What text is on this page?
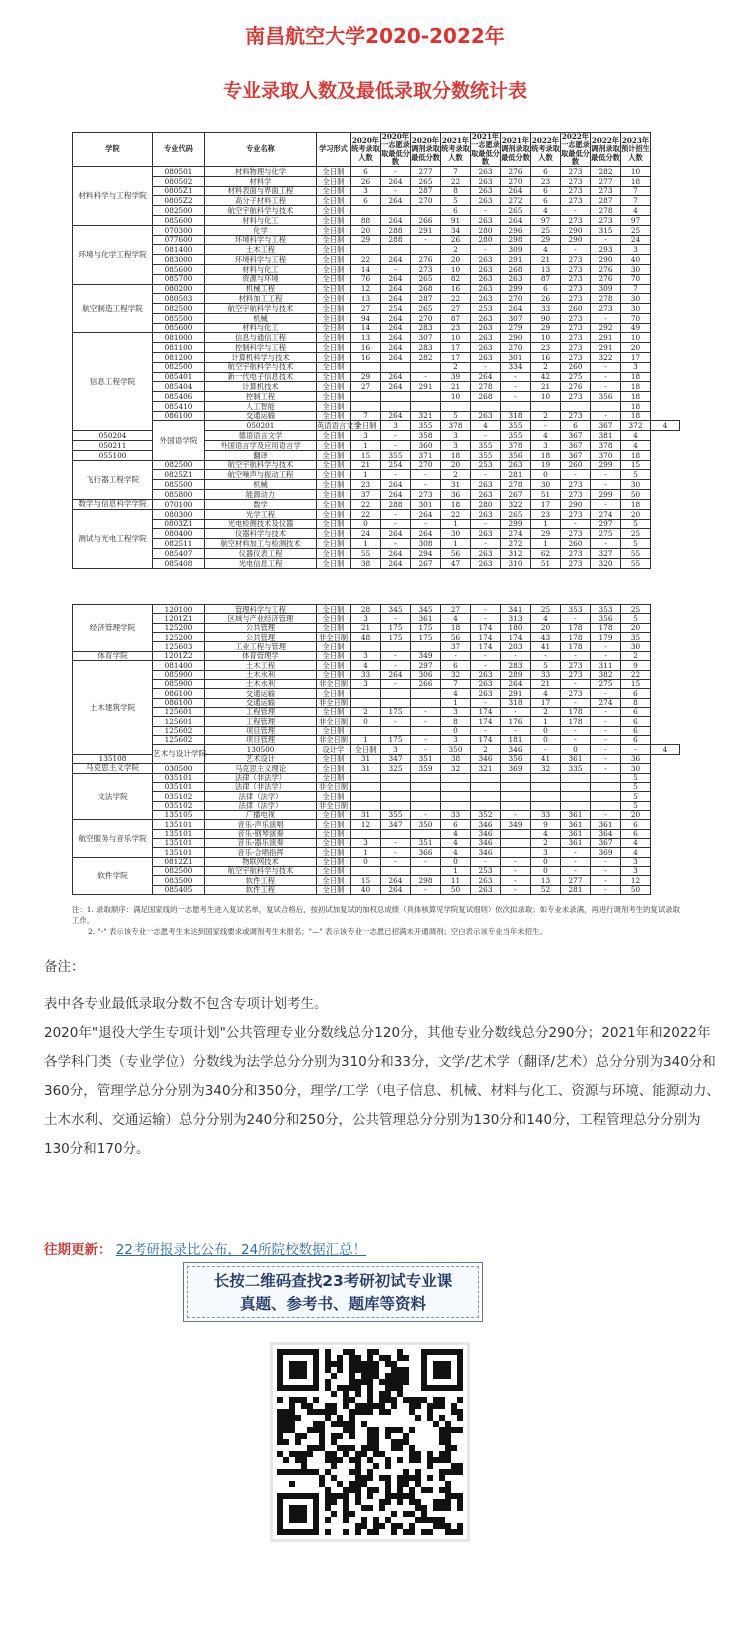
南昌航空大学2020-2022年
专业录取人数及最低录取分数统计表
学院	专业代码	专业名称	学习形式	2020年统考录取人数	2020年一志愿录取最低分数	2020年调剂录取最低分数	2021年统考录取人数	2021年一志愿录取最低分数	2021年调剂录取最低分数	2022年统考录取人数	2022年一志愿录取最低分数	2022年调剂录取最低分数	2023年预计招生人数	
材料科学与工程学院	080501	材料物理与化学	全日制	6	-	277	7	263	276	6	273	282	10	
	080502	材料学	全日制	26	264	265	22	263	270	23	273	277	18	
	0805Z1	材料表面与界面工程	全日制	3	-	287	8	263	264	6	273	273	7	
	0805Z2	高分子材料工程	全日制	6	264	270	5	263	272	6	273	287	7	
	082500	航空宇航科学与技术	全日制				6	-	265	4	-	278	4	
	085600	材料与化工	全日制	88	264	266	91	263	264	97	273	273	97	
环境与化学工程学院	070300	化学	全日制	20	288	291	34	280	296	25	290	315	25	
	077600	环境科学与工程	全日制	29	288	-	26	280	298	29	290	-	24	
	081400	土木工程	全日制				2	-	309	4	-	293	3	
	083000	环境科学与工程	全日制	22	264	276	20	263	291	21	273	290	40	
	085600	材料与化工	全日制	14	-	273	10	263	268	13	273	276	30	
	085700	资源与环境	全日制	76	264	265	82	263	263	87	273	276	70	
航空制造工程学院	080200	机械工程	全日制	12	264	268	16	263	299	6	273	309	7	
	080503	材料加工工程	全日制	13	264	287	22	263	270	26	273	278	30	
	082500	航空宇航科学与技术	全日制	27	254	265	27	253	264	33	260	273	30	
	085500	机械	全日制	94	264	270	87	263	307	90	273	-	70	
	085600	材料与化工	全日制	14	264	283	23	263	279	29	273	292	49	
信息工程学院	081000	信息与通信工程	全日制	13	264	307	10	263	290	10	273	291	10	
	081100	控制科学与工程	全日制	16	264	283	17	263	270	23	273	291	20	
	081200	计算机科学与技术	全日制	16	264	282	17	263	301	16	273	322	17	
	082500	航空宇航科学与技术	全日制				2	-	334	2	260	-	3	
	085401	新一代电子信息技术	全日制	29	264	-	39	264	-	42	275	-	18	
	085404	计算机技术	全日制	27	264	291	21	278	-	21	276	-	18	
	085406	控制工程	全日制				10	268	-	10	273	356	18	
	085410	人工智能	全日制										18	
	086100	交通运输	全日制	7	264	321	5	263	318	2	273	-	18	
	外国语学院	050201	英语语言文学	全日制	3	355	378	4	355	-	6	367	372	4
050204		德语语言文学	全日制	3	-	358	3	-	355	4	367	381	4	
050211		外国语言学及应用语言学	全日制	1	-	360	3	355	378	3	367	378	4	
055100		翻译	全日制	15	355	371	18	355	356	18	367	370	18	
飞行器工程学院	082500	航空宇航科学与技术	全日制	21	254	270	20	253	263	19	260	299	15	
	0825Z1	航空噪声与振动工程	全日制	1	-	-	2	-	281	0	-	-	5	
	085500	机械	全日制	23	264	-	31	263	278	30	273	-	30	
	085800	能源动力	全日制	37	264	273	36	263	267	51	273	299	50	
数学与信息科学学院	070100	数学	全日制	22	288	301	18	280	322	17	290	-	18	
测试与光电工程学院	080300	光学工程	全日制	22	-	264	22	263	265	23	273	274	20	
	0803Z1	光电检测技术及仪器	全日制	0	-	-	1	-	299	1	-	297	5	
	080400	仪器科学与技术	全日制	24	264	264	30	263	274	29	273	275	25	
	082511	航空材料加工与检测技术	全日制	1	-	308	1	-	272	1	260	-	5	
	085407	仪器仪表工程	全日制	55	264	294	56	263	312	62	273	327	55	
	085408	光电信息工程	全日制	38	264	267	47	263	310	51	273	320	55	
经济管理学院	120100	管理科学与工程	全日制	28	345	345	27	-	341	25	353	353	25	
	1201Z1	区域与产业经济管理	全日制	3	-	361	4	-	313	4	-	356	5	
	125200	公共管理	全日制	21	175	175	18	174	180	20	178	178	20	
	125200	公共管理	非全日制	48	175	175	56	174	174	43	178	179	35	
	125603	工业工程与管理	全日制				37	174	203	41	178	-	30	
体育学院	1201Z2	体育管理学	全日制	3	-	349	-	-	-	-	-	-	2	
土木建筑学院	081400	土木工程	全日制	4	-	297	6	-	283	5	273	311	9	
	085900	土木水利	全日制	33	264	306	32	263	289	33	273	382	22	
	085900	土木水利	非全日制	3	-	266	7	263	264	21	-	275	15	
	086100	交通运输	全日制				4	263	291	4	273	-	6	
	086100	交通运输	非全日制				1	-	318	17	-	274	8	
	125601	工程管理	全日制	2	175	-	3	174	-	2	178	-	6	
	125601	工程管理	非全日制	0	-	-	8	174	176	1	178	-	6	
	125602	项目管理	全日制				0	-	-	0	-	-	6	
	125602	项目管理	非全日制	1	175	-	3	174	181	0	-	-	6	
	艺术与设计学院	130500	设计学	全日制	3	-	350	2	346	-	0	-	-	4
135108		艺术设计	全日制	31	347	351	38	346	356	41	361	-	36	
马克思主义学院	030500	马克思主义理论	全日制	31	325	359	32	321	369	32	335	-	30	
文法学院	035101	法律（非法学）	全日制										5	
	035101	法律（非法学）	非全日制										5	
	035102	法律（法学）	全日制										5	
	035102	法律（法学）	非全日制										5	
	135105	广播电视	全日制	31	355	-	33	352	-	33	361	-	20	
航空服务与音乐学院	135101	音乐-声乐演唱	全日制	12	347	350	6	346	349	9	361	361	6	
	135101	音乐-钢琴演奏	全日制				4	346		4	361	364	6	
	135101	音乐-器乐演奏	全日制	3	-	351	4	346		2	361	367	4	
	135101	音乐-合唱指挥	全日制	1	-	366	4	346		3	-	369	4	
软件学院	0812Z1	物联网技术	全日制	0	-	-	0	-	-	0	-	-	3	
	082500	航空宇航科学与技术	全日制				1	253	-	0	-	-	3	
	083500	软件工程	全日制	15	264	298	11	263	-	13	277	-	12	
	085405	软件工程	全日制	40	264	-	50	263	-	52	281	-	50	
注：1. 录取顺序：满足国家线的一志愿考生进入复试名单，复试合格后，按初试加复试的加权总成绩（具体核算见学院复试细则）依次拟录取；如专业未录满，再进行调剂考生的复试录取工作。
2. "-" 表示该专业一志愿考生未达到国家线要求或调剂考生未报名；"—" 表示该专业一志愿已招满未开通调剂；空白表示该专业当年未招生。

备注：

表中各专业最低录取分数不包含专项计划考生。

2020年"退役大学生专项计划"公共管理专业分数线总分120分，其他专业分数线总分290分；2021年和2022年各学科门类（专业学位）分数线为法学总分分别为310分和33分，文学/艺术学（翻译/艺术）总分分别为340分和360分，管理学总分分别为340分和350分，理学/工学（电子信息、机械、材料与化工、资源与环境、能源动力、土木水利、交通运输）总分分别为240分和250分，公共管理总分分别为130分和140分，工程管理总分分别为130分和170分。

往期更新： 22考研报录比公布，24所院校数据汇总！
长按二维码查找23考研初试专业课
真题、参考书、题库等资料
